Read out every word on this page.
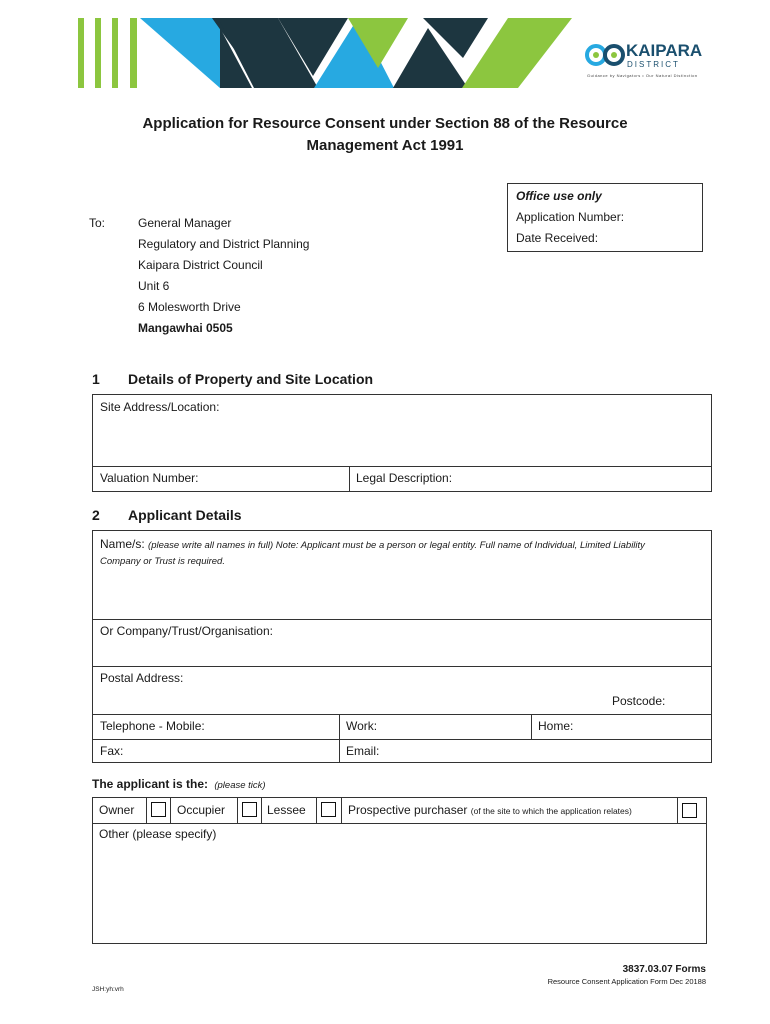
KAIPARA
DISTRICT
Guidance by Navigators • Our Natural Distinction
Application for Resource Consent under Section 88 of the Resource
Management Act 1991
Office use only
Application Number:
Date Received:
To:	General Manager
Regulatory and District Planning
Kaipara District Council
Unit 6
6 Molesworth Drive
Mangawhai 0505
1 Details of Property and Site Location
Site Address/Location:
Valuation Number:	Legal Description:
2 Applicant Details
Name/s: (please write all names in full) Note: Applicant must be a person or legal entity. Full name of Individual, Limited Liability
Company or Trust is required.
Or Company/Trust/Organisation:
Postal Address:
Postcode:
Telephone - Mobile:	Work:	Home:
Fax:	Email:
The applicant is the: (please tick)
Owner	Occupier	Lessee	Prospective purchaser (of the site to which the application relates)
Other (please specify)
3837.03.07 Forms
Resource Consent Application Form Dec 20188
JSH:yh:vrh
